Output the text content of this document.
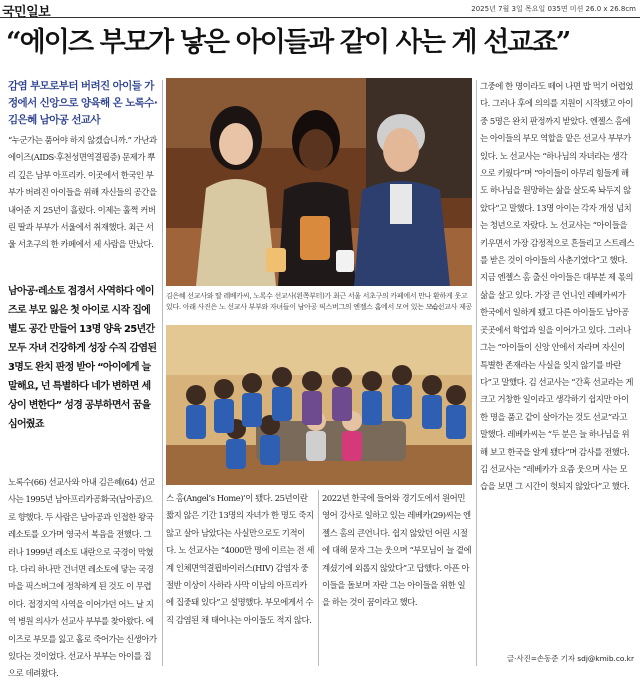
국민일보	2025년 7월 3일 목요일 035면 미션 26.0 x 26.8cm
“에이즈 부모가 낳은 아이들과 같이 사는 게 선교죠”
감염 부모로부터 버려진 아이들 가정에서 신앙으로 양육해 온 노록수·김은혜 남아공 선교사

“누군가는 품어야 하지 않겠습니까.” 가난과 에이즈(AIDS·후천성면역결핍증) 문제가 뿌리 깊은 남부 아프리카. 이곳에서 한국인 부부가 버려진 아이들을 위해 자신들의 공간을 내어준 지 25년이 흘렀다. 이제는 훌쩍 커버린 딸과 부부가 서울에서 취재했다. 최근 서울 서초구의 한 카페에서 세 사람을 만났다.

남아공·레소토 접경서 사역하다 에이즈로 부모 잃은 첫 아이로 시작 집에 별도 공간 만들어 13명 양육 25년간 모두 자녀 건강하게 성장 수직 감염된 3명도 완치 판정 받아 “아이에게 늘 말해요, 넌 특별하다 네가 변하면 세상이 변한다” 성경 공부하면서 꿈을 심어줬죠

노록수(66) 선교사와 아내 김은혜(64) 선교사는 1995년 남아프리카공화국(남아공)으로 향했다. 두 사람은 남아공과 인접한 왕국 레소토를 오가며 영국서 복음을 전했다. 그러나 1999년 레소토 내란으로 국경이 막혔다. 다리 하나만 건너면 레소토에 닿는 국경 마을 픽스버그에 정착하게 된 것도 이 무렵이다. 접경지역 사역을 이어가던 어느 날 지역 병원 의사가 선교사 부부를 찾아왔다. 에이즈로 부모를 잃고 홀로 죽어가는 신생아가 있다는 것이었다. 선교사 부부는 아이를 집으로 데려왔다.

김은혜 선교사와 딸 레베카씨, 노록수 선교사(왼쪽부터)가 최근 서울 서초구의 카페에서 만나 환하게 웃고 있다. 아래 사진은 노 선교사 부부와 자녀들이 남아공 픽스버그의 엔젤스 홈에서 모여 있는 모습.
노 선교사 제공

스 홈(Angel’s Home)’이 됐다. 25년이란 짧지 않은 기간 13명의 자녀가 한 명도 죽지 않고 살아 남았다는 사실만으로도 기적이다. 노 선교사는 “4000만 명에 이르는 전 세계 인체면역결핍바이러스(HIV) 감염자 중 절반 이상이 사하라 사막 이남의 아프리카에 집중돼 있다”고 설명했다. 부모에게서 수직 감염된 채 태어나는 아이들도 적지 않다.

2022년 한국에 들어와 경기도에서 원어민 영어 강사로 일하고 있는 레베카(29)씨는 엔젤스 홈의 큰언니다. 쉽지 않았던 어린 시절에 대해 묻자 그는 웃으며 “부모님이 늘 곁에 계셨기에 외롭지 않았다”고 답했다. 아픈 아이들을 돌보며 자란 그는 아이들을 위한 일을 하는 것이 꿈이라고 했다.

그중에 한 명이라도 떼어 나면 밥 먹기 어렵었다. 그러나 후에 의의를 지원이 시작됐고 아이 중 5명은 완치 판정까지 받았다. 엔젤스 홈에는 아이들의 부모 역할을 맡은 선교사 부부가 있다. 노 선교사는 “하나님의 자녀라는 생각으로 키웠다”며 “아이들이 아무리 힘들게 해도 하나님을 원망하는 삶을 살도록 놔두지 않았다”고 말했다. 13명 아이는 각자 개성 넘치는 청년으로 자랐다. 노 선교사는 “아이들을 키우면서 가장 감정적으로 흔들리고 스트레스를 받은 것이 아이들의 사춘기였다”고 했다. 지금 엔젤스 홈 출신 아이들은 대부분 제 몫의 삶을 살고 있다. 가장 큰 언니인 레베카씨가 한국에서 일하게 됐고 다른 아이들도 남아공 곳곳에서 학업과 일을 이어가고 있다. 그러나 그는 “아이들이 신앙 안에서 자라며 자신이 특별한 존재라는 사실을 잊지 않기를 바란다”고 말했다. 김 선교사는 “간혹 선교라는 게 크고 거창한 일이라고 생각하기 쉽지만 아이 한 명을 품고 같이 살아가는 것도 선교”라고 말했다. 레베카씨는 “두 분은 늘 하나님을 위해 보고 한국을 알게 됐다”며 감사를 전했다. 김 선교사는 “레베카가 요즘 웃으며 사는 모습을 보면 그 시간이 헛되지 않았다”고 했다.

글·사진=손동준 기자 sdj@kmib.co.kr
